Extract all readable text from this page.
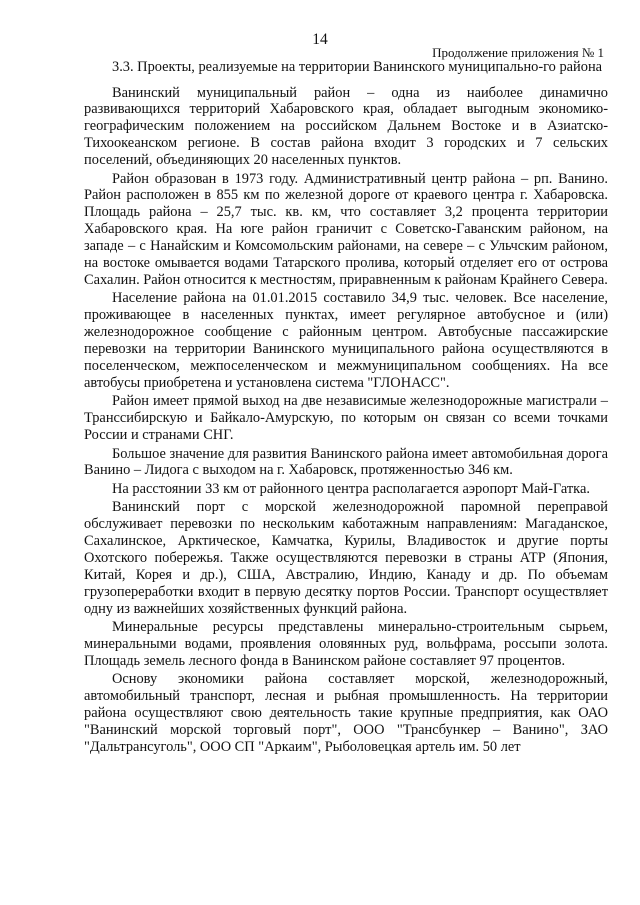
14
Продолжение приложения № 1
3.3. Проекты, реализуемые на территории Ванинского муниципально-го района

Ванинский муниципальный район – одна из наиболее динамично развивающихся территорий Хабаровского края, обладает выгодным экономико-географическим положением на российском Дальнем Востоке и в Азиатско-Тихоокеанском регионе. В состав района входит 3 городских и 7 сельских поселений, объединяющих 20 населенных пунктов.

Район образован в 1973 году. Административный центр района – рп. Ванино. Район расположен в 855 км по железной дороге от краевого центра г. Хабаровска. Площадь района – 25,7 тыс. кв. км, что составляет 3,2 процента территории Хабаровского края. На юге район граничит с Советско-Гаванским районом, на западе – с Нанайским и Комсомольским районами, на севере – с Ульчским районом, на востоке омывается водами Татарского пролива, который отделяет его от острова Сахалин. Район относится к местностям, приравненным к районам Крайнего Севера.

Население района на 01.01.2015 составило 34,9 тыс. человек. Все население, проживающее в населенных пунктах, имеет регулярное автобусное и (или) железнодорожное сообщение с районным центром. Автобусные пассажирские перевозки на территории Ванинского муниципального района осуществляются в поселенческом, межпоселенческом и межмуниципальном сообщениях. На все автобусы приобретена и установлена система "ГЛОНАСС".

Район имеет прямой выход на две независимые железнодорожные магистрали – Транссибирскую и Байкало-Амурскую, по которым он связан со всеми точками России и странами СНГ.

Большое значение для развития Ванинского района имеет автомобильная дорога Ванино – Лидога с выходом на г. Хабаровск, протяженностью 346 км.

На расстоянии 33 км от районного центра располагается аэропорт Май-Гатка.

Ванинский порт с морской железнодорожной паромной переправой обслуживает перевозки по нескольким каботажным направлениям: Магаданское, Сахалинское, Арктическое, Камчатка, Курилы, Владивосток и другие порты Охотского побережья. Также осуществляются перевозки в страны АТР (Япония, Китай, Корея и др.), США, Австралию, Индию, Канаду и др. По объемам грузопереработки входит в первую десятку портов России. Транспорт осуществляет одну из важнейших хозяйственных функций района.

Минеральные ресурсы представлены минерально-строительным сырьем, минеральными водами, проявления оловянных руд, вольфрама, россыпи золота. Площадь земель лесного фонда в Ванинском районе составляет 97 процентов.

Основу экономики района составляет морской, железнодорожный, автомобильный транспорт, лесная и рыбная промышленность. На территории района осуществляют свою деятельность такие крупные предприятия, как ОАО "Ванинский морской торговый порт", ООО "Трансбункер – Ванино", ЗАО "Дальтрансуголь", ООО СП "Аркаим", Рыболовецкая артель им. 50 лет
